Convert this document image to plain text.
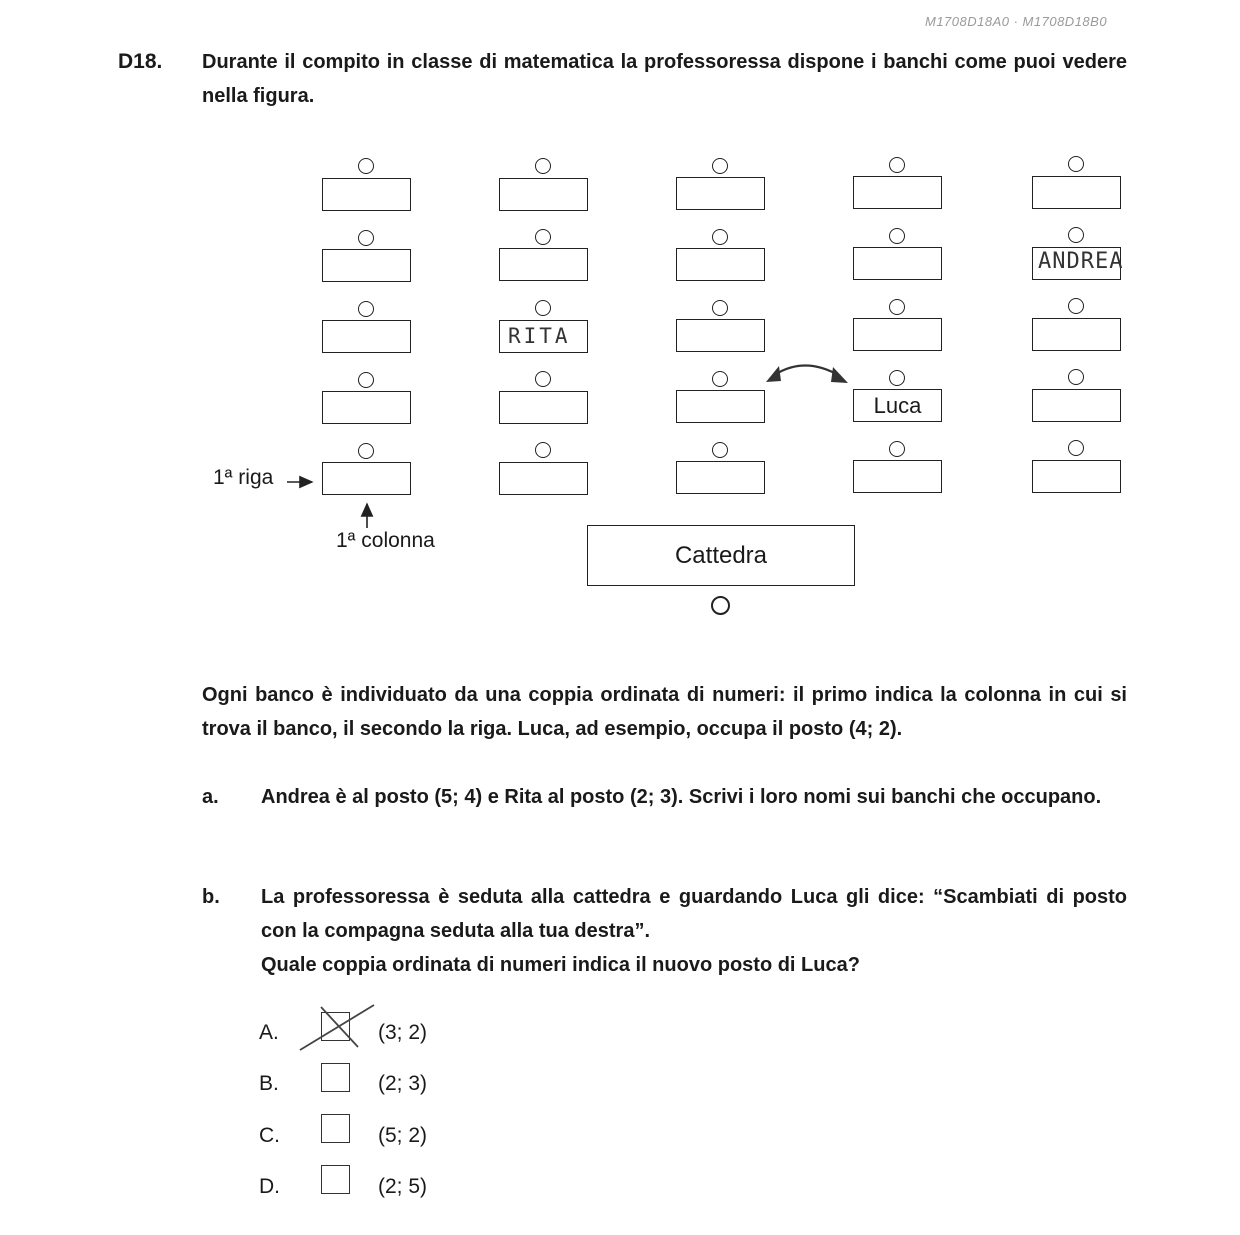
M1708D18A0 · M1708D18B0
D18. Durante il compito in classe di matematica la professoressa dispone i banchi come puoi vedere nella figura.
ANDREA
RITA
Luca
1ª riga
1ª colonna
Cattedra
Ogni banco è individuato da una coppia ordinata di numeri: il primo indica la colonna in cui si trova il banco, il secondo la riga. Luca, ad esempio, occupa il posto (4; 2).
a. Andrea è al posto (5; 4) e Rita al posto (2; 3). Scrivi i loro nomi sui banchi che occupano.
b. La professoressa è seduta alla cattedra e guardando Luca gli dice: “Scambiati di posto con la compagna seduta alla tua destra”.
Quale coppia ordinata di numeri indica il nuovo posto di Luca?
A.	(3; 2)
B.	(2; 3)
C.	(5; 2)
D.	(2; 5)
